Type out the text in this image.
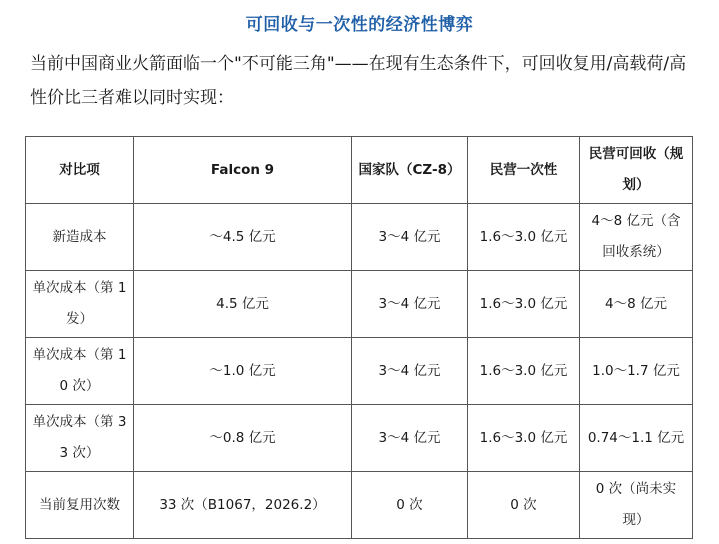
可回收与一次性的经济性博弈
当前中国商业火箭面临一个"不可能三角"——在现有生态条件下，可回收复用/高载荷/高性价比三者难以同时实现：
对比项	Falcon 9	国家队（CZ-8）	民营一次性	民营可回收（规划）
新造成本	～4.5 亿元	3～4 亿元	1.6～3.0 亿元	4～8 亿元（含回收系统）
单次成本（第 1 发）	4.5 亿元	3～4 亿元	1.6～3.0 亿元	4～8 亿元
单次成本（第 10 次）	～1.0 亿元	3～4 亿元	1.6～3.0 亿元	1.0～1.7 亿元
单次成本（第 33 次）	～0.8 亿元	3～4 亿元	1.6～3.0 亿元	0.74～1.1 亿元
当前复用次数	33 次（B1067，2026.2）	0 次	0 次	0 次（尚未实现）
